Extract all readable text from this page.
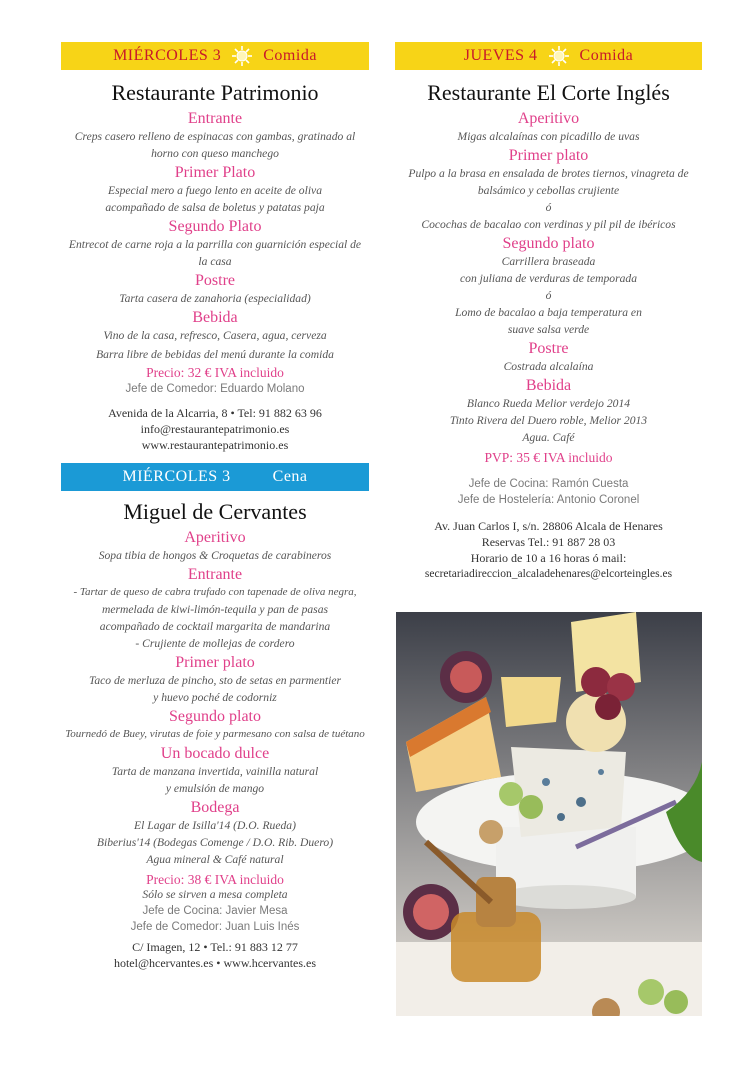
MIÉRCOLES 3	Comida
Restaurante Patrimonio
Entrante

Creps casero relleno de espinacas con gambas, gratinado al

horno con queso manchego

Primer Plato

Especial mero a fuego lento en aceite de oliva

acompañado de salsa de boletus y patatas paja

Segundo Plato

Entrecot de carne roja a la parrilla con guarnición especial de

la casa

Postre

Tarta casera de zanahoria (especialidad)

Bebida

Vino de la casa, refresco, Casera, agua, cerveza

Barra libre de bebidas del menú durante la comida
Precio: 32 € IVA incluido
Jefe de Comedor: Eduardo Molano
Avenida de la Alcarria, 8 • Tel: 91 882 63 96
info@restaurantepatrimonio.es
www.restaurantepatrimonio.es
MIÉRCOLES 3	Cena
Miguel de Cervantes
Aperitivo

Sopa tibia de hongos & Croquetas de carabineros

Entrante

- Tartar de queso de cabra trufado con tapenade de oliva negra,

mermelada de kiwi-limón-tequila y pan de pasas

acompañado de cocktail margarita de mandarina

- Crujiente de mollejas de cordero

Primer plato

Taco de merluza de pincho, sto de setas en parmentier

y huevo poché de codorniz

Segundo plato

Tournedó de Buey, virutas de foie y parmesano con salsa de tuétano

Un bocado dulce

Tarta de manzana invertida, vainilla natural

y emulsión de mango

Bodega

El Lagar de Isilla'14 (D.O. Rueda)

Biberius'14 (Bodegas Comenge / D.O. Rib. Duero)

Agua mineral & Café natural

Precio: 38 € IVA incluido
Sólo se sirven a mesa completa
Jefe de Cocina: Javier Mesa
Jefe de Comedor: Juan Luis Inés
C/ Imagen, 12 • Tel.: 91 883 12 77
hotel@hcervantes.es • www.hcervantes.es
JUEVES 4	Comida
Restaurante El Corte Inglés
Aperitivo

Migas alcalaínas con picadillo de uvas

Primer plato

Pulpo a la brasa en ensalada de brotes tiernos, vinagreta de

balsámico y cebollas crujiente

ó

Cocochas de bacalao con verdinas y pil pil de ibéricos

Segundo plato

Carrillera braseada

con juliana de verduras de temporada

ó

Lomo de bacalao a baja temperatura en

suave salsa verde

Postre

Costrada alcalaína

Bebida

Blanco Rueda Melior verdejo 2014

Tinto Rivera del Duero roble, Melior 2013

Agua. Café

PVP: 35 € IVA incluido
Jefe de Cocina: Ramón Cuesta
Jefe de Hostelería: Antonio Coronel
Av. Juan Carlos I, s/n. 28806 Alcala de Henares
Reservas Tel.: 91 887 28 03
Horario de 10 a 16 horas ó mail:
secretariadireccion_alcaladehenares@elcorteingles.es
